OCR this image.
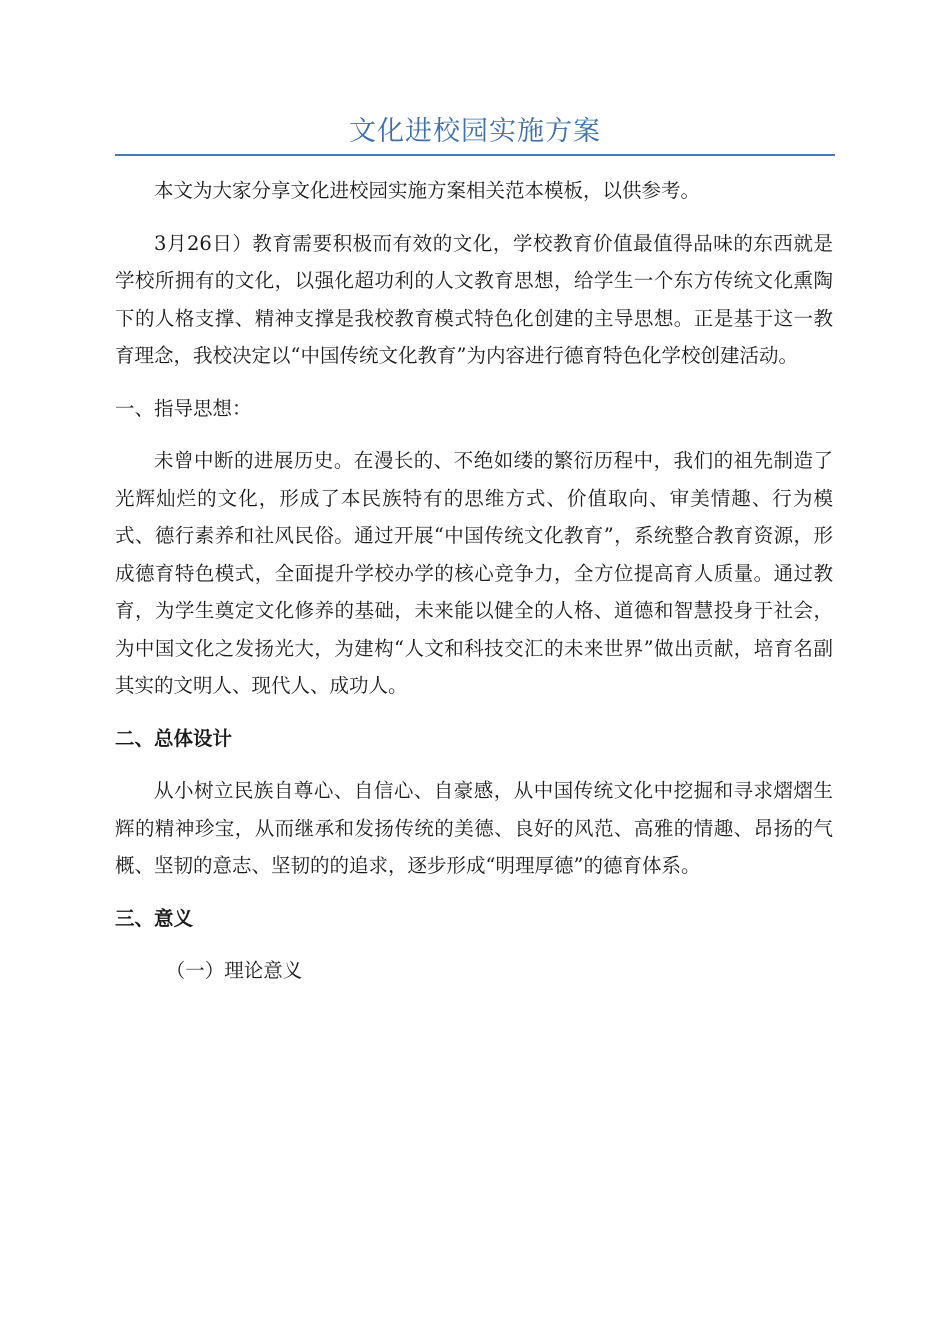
文化进校园实施方案

本文为大家分享文化进校园实施方案相关范本模板，以供参考。

3月26日）教育需要积极而有效的文化，学校教育价值最值得品味的东西就是学校所拥有的文化，以强化超功利的人文教育思想，给学生一个东方传统文化熏陶下的人格支撑、精神支撑是我校教育模式特色化创建的主导思想。正是基于这一教育理念，我校决定以“中国传统文化教育”为内容进行德育特色化学校创建活动。

一、指导思想：

未曾中断的进展历史。在漫长的、不绝如缕的繁衍历程中，我们的祖先制造了光辉灿烂的文化，形成了本民族特有的思维方式、价值取向、审美情趣、行为模式、德行素养和社风民俗。通过开展“中国传统文化教育”，系统整合教育资源，形成德育特色模式，全面提升学校办学的核心竞争力，全方位提高育人质量。通过教育，为学生奠定文化修养的基础，未来能以健全的人格、道德和智慧投身于社会，为中国文化之发扬光大，为建构“人文和科技交汇的未来世界”做出贡献，培育名副其实的文明人、现代人、成功人。

二、总体设计

从小树立民族自尊心、自信心、自豪感，从中国传统文化中挖掘和寻求熠熠生辉的精神珍宝，从而继承和发扬传统的美德、良好的风范、高雅的情趣、昂扬的气概、坚韧的意志、坚韧的的追求，逐步形成“明理厚德”的德育体系。

三、意义

（一）理论意义
